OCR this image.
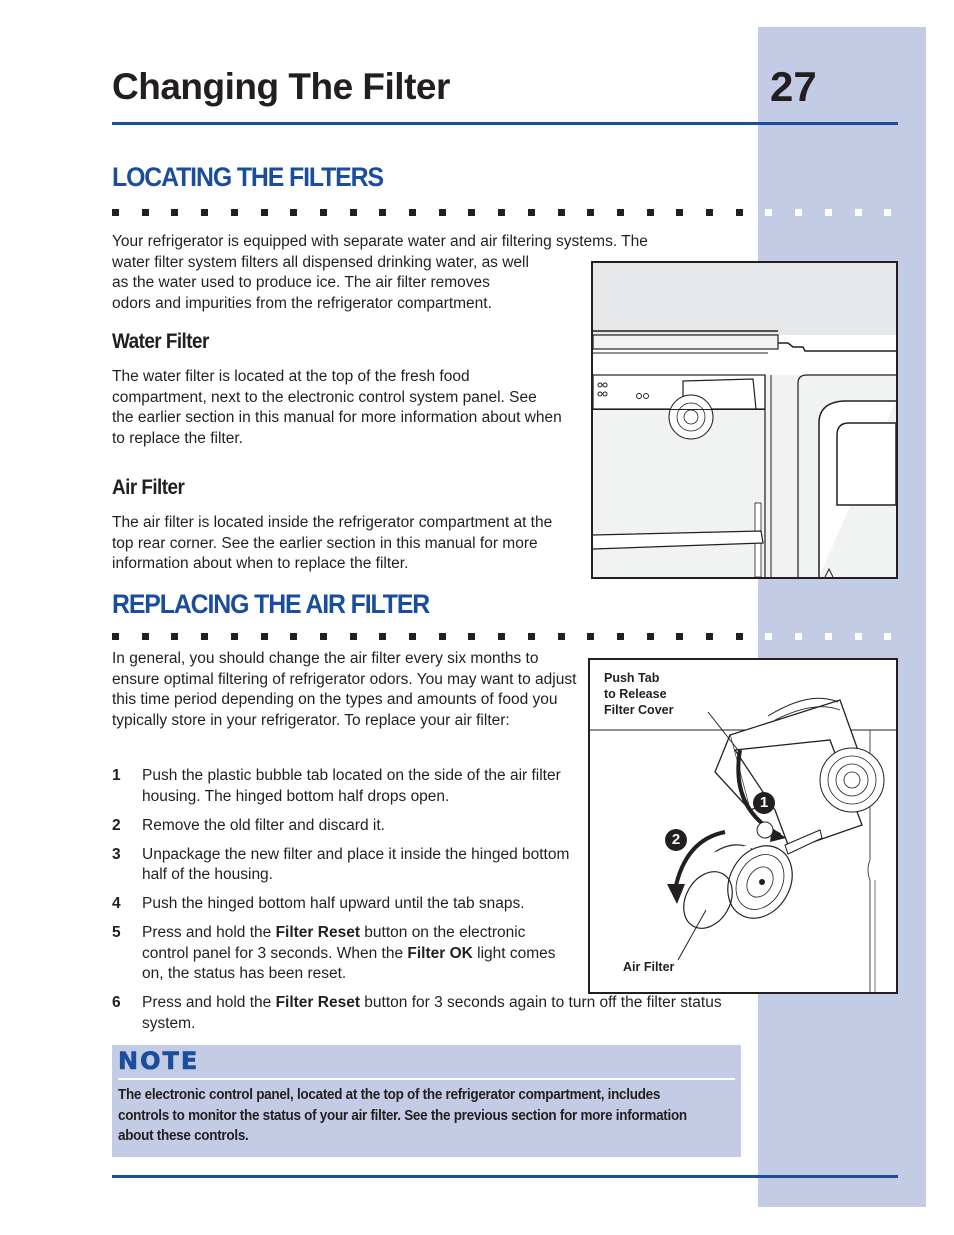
Changing The Filter	27
LOCATING THE FILTERS
Your refrigerator is equipped with separate water and air filtering systems. The
water filter system filters all dispensed drinking water, as well
as the water used to produce ice. The air filter removes
odors and impurities from the refrigerator compartment.
Water Filter
The water filter is located at the top of the fresh food compartment, next to the electronic control system panel. See the earlier section in this manual for more information about when to replace the filter.
Air Filter
The air filter is located inside the refrigerator compartment at the top rear corner. See the earlier section in this manual for more information about when to replace the filter.
REPLACING THE AIR FILTER
In general, you should change the air filter every six months to ensure optimal filtering of refrigerator odors. You may want to adjust this time period depending on the types and amounts of food you typically store in your refrigerator. To replace your air filter:
1	Push the plastic bubble tab located on the side of the air filter housing. The hinged bottom half drops open.
2	Remove the old filter and discard it.
3	Unpackage the new filter and place it inside the hinged bottom half of the housing.
4	Push the hinged bottom half upward until the tab snaps.
5	Press and hold the Filter Reset button on the electronic control panel for 3 seconds. When the Filter OK light comes on, the status has been reset.
6	Press and hold the Filter Reset button for 3 seconds again to turn off the filter status system.
Push Tab
to Release
Filter Cover
Air Filter
1
2
NOTE
The electronic control panel, located at the top of the refrigerator compartment, includes controls to monitor the status of your air filter. See the previous section for more information about these controls.
